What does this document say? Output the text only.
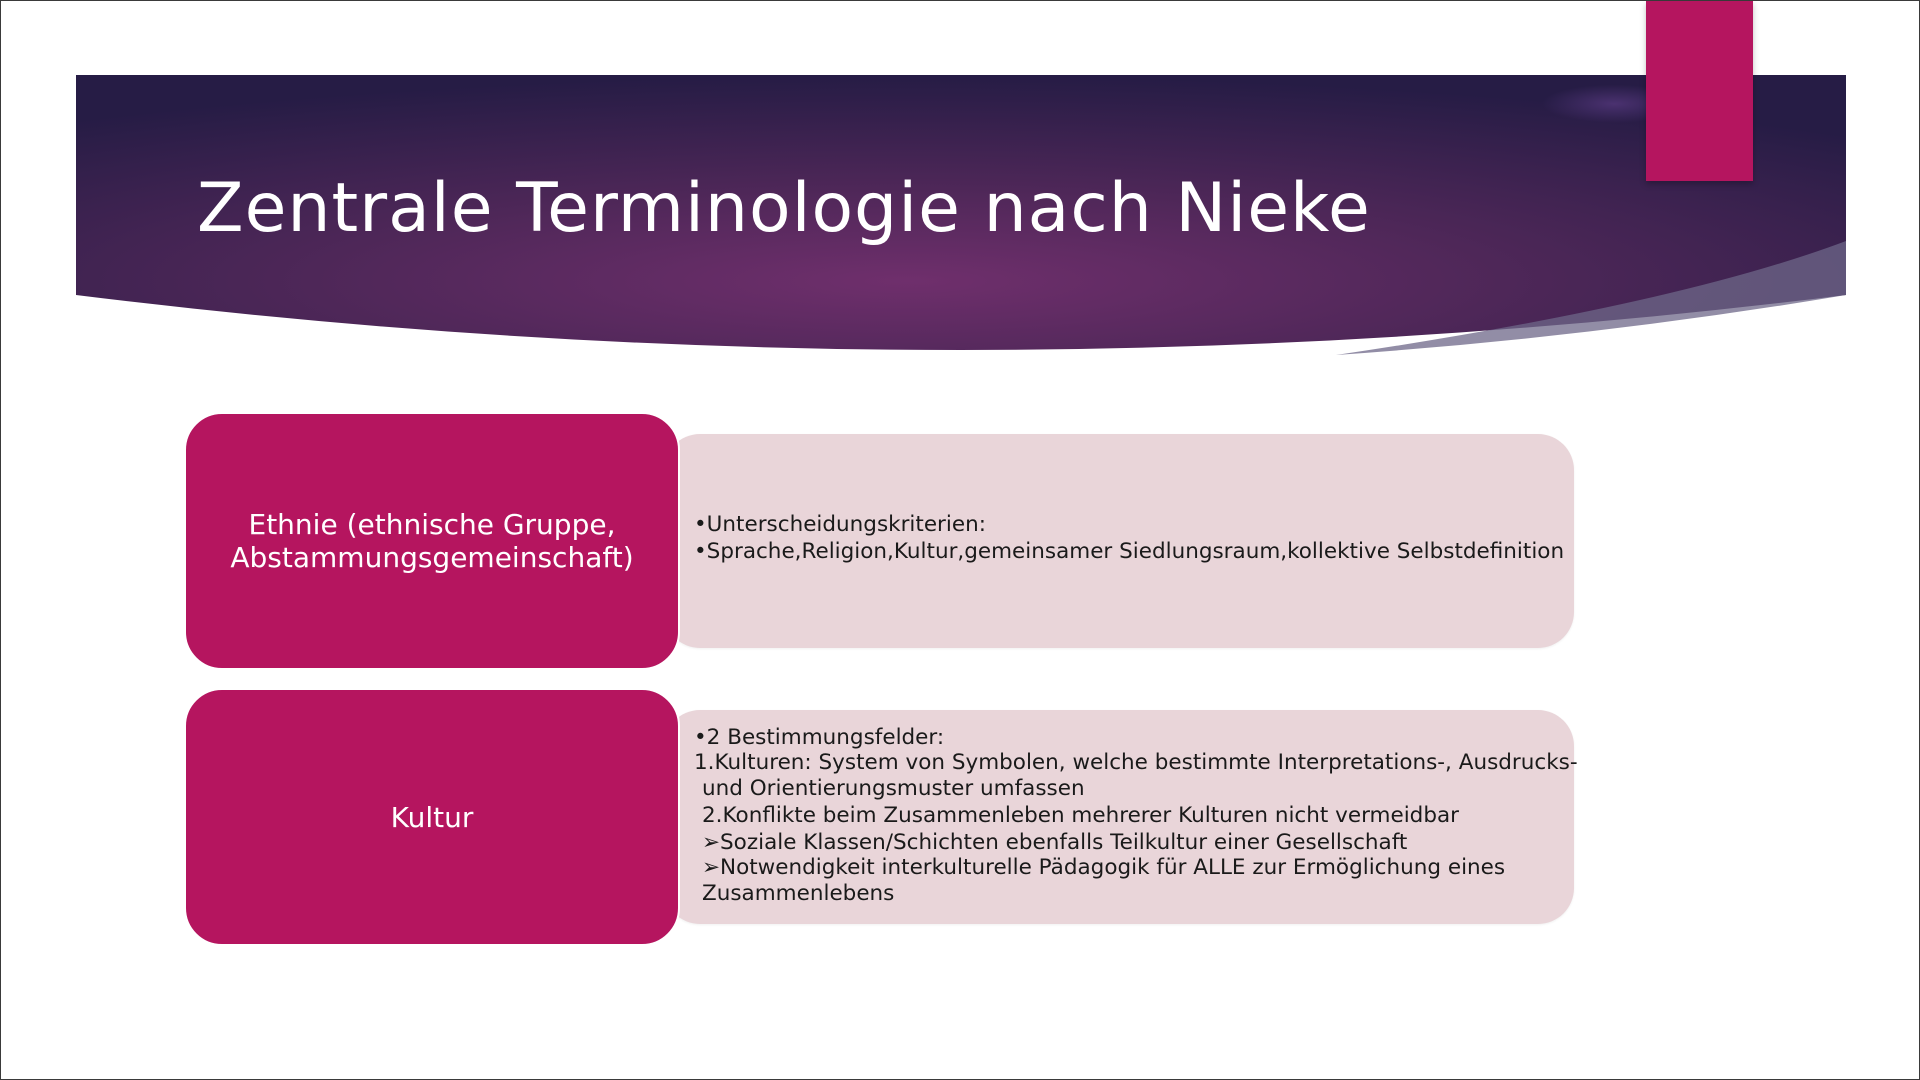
Zentrale Terminologie nach Nieke
Ethnie (ethnische Gruppe, Abstammungsgemeinschaft)

•Unterscheidungskriterien:

•Sprache,Religion,Kultur,gemeinsamer Siedlungsraum,kollektive Selbstdefinition

Kultur

•2 Bestimmungsfelder:

1.Kulturen: System von Symbolen, welche bestimmte Interpretations-, Ausdrucks-

und Orientierungsmuster umfassen

2.Konflikte beim Zusammenleben mehrerer Kulturen nicht vermeidbar

➢Soziale Klassen/Schichten ebenfalls Teilkultur einer Gesellschaft

➢Notwendigkeit interkulturelle Pädagogik für ALLE zur Ermöglichung eines

Zusammenlebens
